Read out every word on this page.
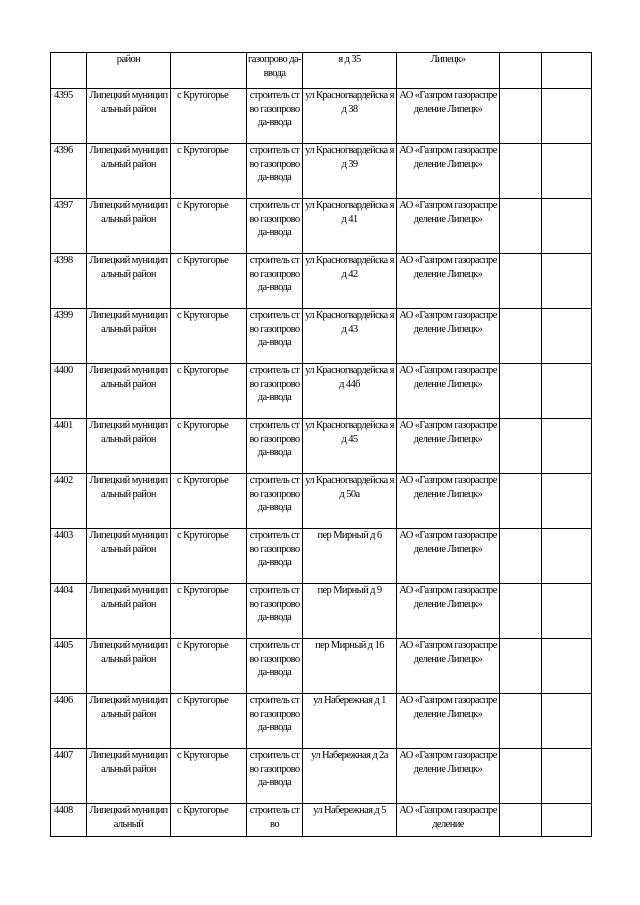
	район		газопрово да-ввода	я д 35	Липецк»		
4395	Липецкий муниципальный район	с Крутогорье	строитель ство газопрово да-ввода	ул Красногвардейска я д 38	АО «Газпром газораспределение Липецк»		
4396	Липецкий муниципальный район	с Крутогорье	строитель ство газопрово да-ввода	ул Красногвардейска я д 39	АО «Газпром газораспределение Липецк»		
4397	Липецкий муниципальный район	с Крутогорье	строитель ство газопрово да-ввода	ул Красногвардейска я д 41	АО «Газпром газораспределение Липецк»		
4398	Липецкий муниципальный район	с Крутогорье	строитель ство газопрово да-ввода	ул Красногвардейска я д 42	АО «Газпром газораспределение Липецк»		
4399	Липецкий муниципальный район	с Крутогорье	строитель ство газопрово да-ввода	ул Красногвардейска я д 43	АО «Газпром газораспределение Липецк»		
4400	Липецкий муниципальный район	с Крутогорье	строитель ство газопрово да-ввода	ул Красногвардейска я д 44б	АО «Газпром газораспределение Липецк»		
4401	Липецкий муниципальный район	с Крутогорье	строитель ство газопрово да-ввода	ул Красногвардейска я д 45	АО «Газпром газораспределение Липецк»		
4402	Липецкий муниципальный район	с Крутогорье	строитель ство газопрово да-ввода	ул Красногвардейска я д 50а	АО «Газпром газораспределение Липецк»		
4403	Липецкий муниципальный район	с Крутогорье	строитель ство газопрово да-ввода	пер Мирный д 6	АО «Газпром газораспределение Липецк»		
4404	Липецкий муниципальный район	с Крутогорье	строитель ство газопрово да-ввода	пер Мирный д 9	АО «Газпром газораспределение Липецк»		
4405	Липецкий муниципальный район	с Крутогорье	строитель ство газопрово да-ввода	пер Мирный д 16	АО «Газпром газораспределение Липецк»		
4406	Липецкий муниципальный район	с Крутогорье	строитель ство газопрово да-ввода	ул Набережная д 1	АО «Газпром газораспределение Липецк»		
4407	Липецкий муниципальный район	с Крутогорье	строитель ство газопрово да-ввода	ул Набережная д 2а	АО «Газпром газораспределение Липецк»		
4408	Липецкий муниципальный	с Крутогорье	строитель ство	ул Набережная д 5	АО «Газпром газораспределение		
